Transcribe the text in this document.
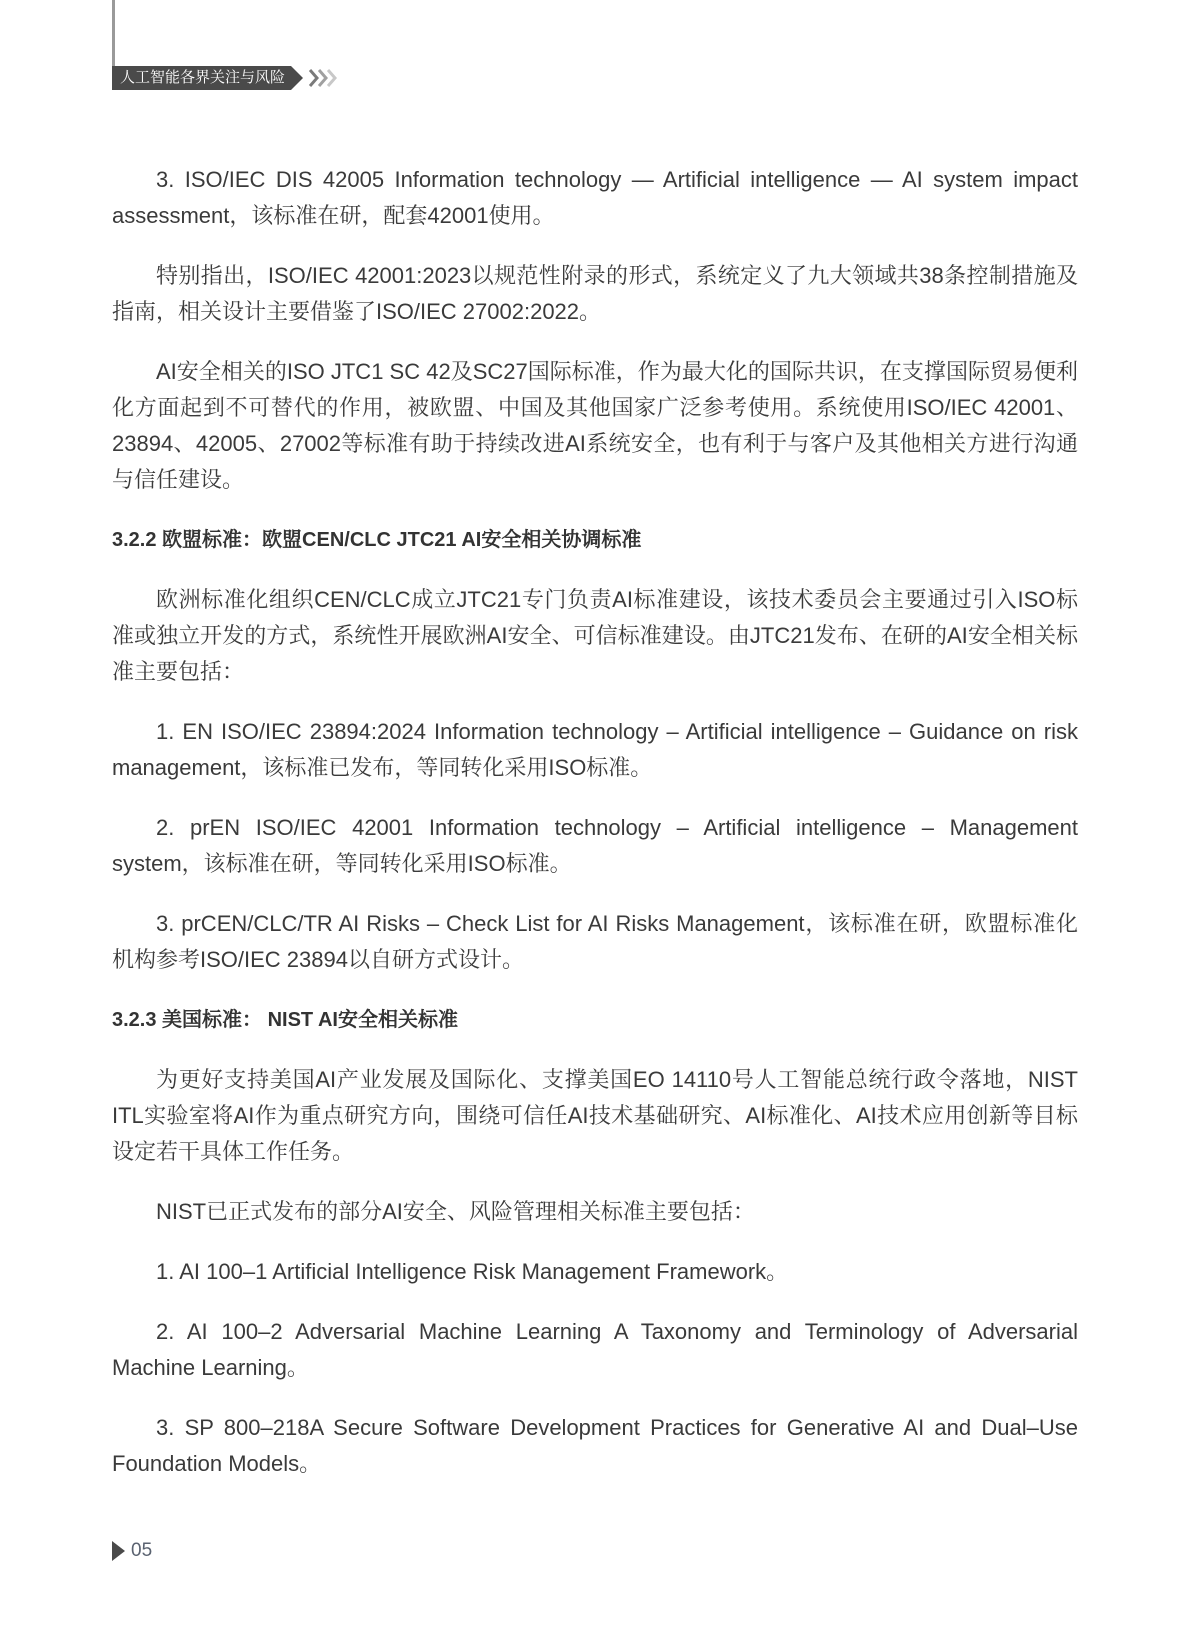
人工智能各界关注与风险

3. ISO/IEC DIS 42005 Information technology — Artificial intelligence — AI system impact assessment，该标准在研，配套42001使用。

特别指出，ISO/IEC 42001:2023以规范性附录的形式，系统定义了九大领域共38条控制措施及指南，相关设计主要借鉴了ISO/IEC 27002:2022。

AI安全相关的ISO JTC1 SC 42及SC27国际标准，作为最大化的国际共识，在支撑国际贸易便利化方面起到不可替代的作用，被欧盟、中国及其他国家广泛参考使用。系统使用ISO/IEC 42001、23894、42005、27002等标准有助于持续改进AI系统安全，也有利于与客户及其他相关方进行沟通与信任建设。

3.2.2 欧盟标准：欧盟CEN/CLC JTC21 AI安全相关协调标准

欧洲标准化组织CEN/CLC成立JTC21专门负责AI标准建设，该技术委员会主要通过引入ISO标准或独立开发的方式，系统性开展欧洲AI安全、可信标准建设。由JTC21发布、在研的AI安全相关标准主要包括：

1. EN ISO/IEC 23894:2024 Information technology – Artificial intelligence – Guidance on risk management，该标准已发布，等同转化采用ISO标准。

2. prEN ISO/IEC 42001 Information technology – Artificial intelligence – Management system，该标准在研，等同转化采用ISO标准。

3. prCEN/CLC/TR AI Risks – Check List for AI Risks Management，该标准在研，欧盟标准化机构参考ISO/IEC 23894以自研方式设计。

3.2.3 美国标准： NIST AI安全相关标准

为更好支持美国AI产业发展及国际化、支撑美国EO 14110号人工智能总统行政令落地，NIST ITL实验室将AI作为重点研究方向，围绕可信任AI技术基础研究、AI标准化、AI技术应用创新等目标设定若干具体工作任务。

NIST已正式发布的部分AI安全、风险管理相关标准主要包括：

1. AI 100–1 Artificial Intelligence Risk Management Framework。

2. AI 100–2 Adversarial Machine Learning A Taxonomy and Terminology of Adversarial Machine Learning。

3. SP 800–218A Secure Software Development Practices for Generative AI and Dual–Use Foundation Models。

05
